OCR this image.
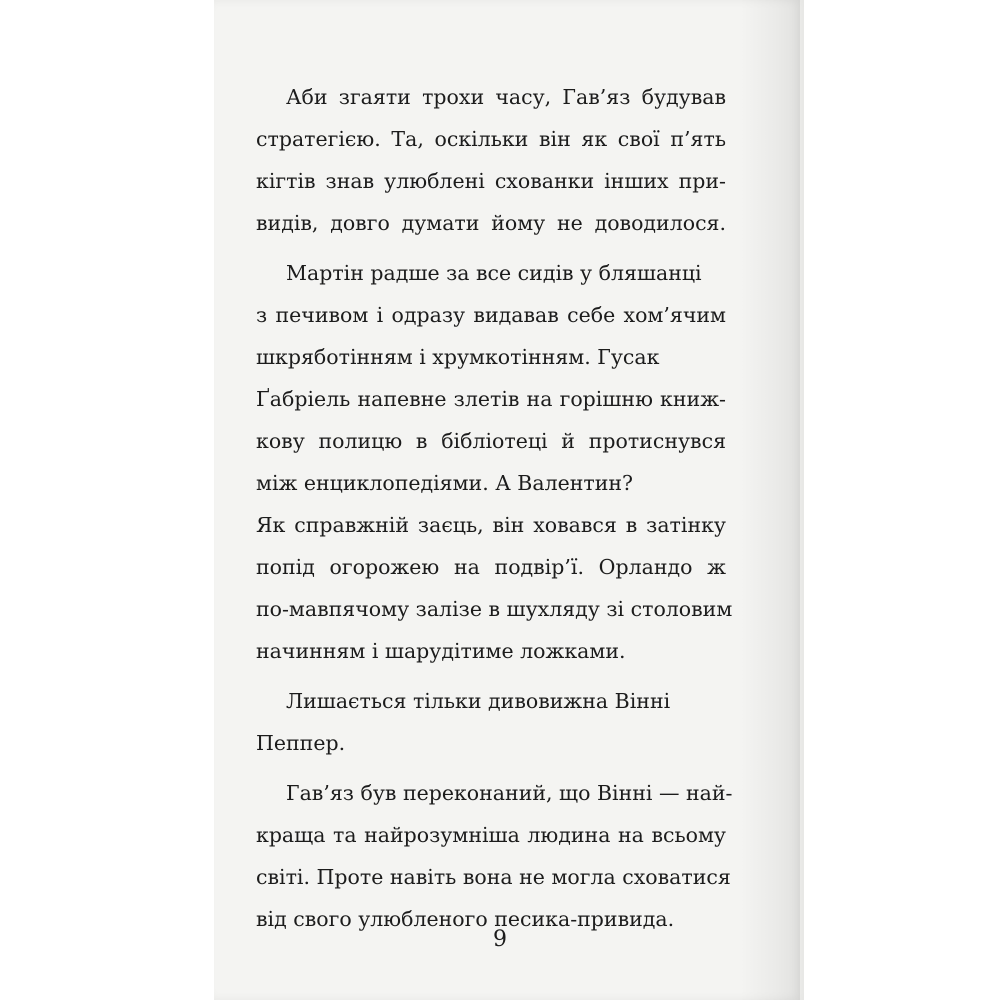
Аби згаяти трохи часу, Гав’яз будував
стратегією. Та, оскільки він як свої п’ять
кігтів знав улюблені схованки інших при-
видів, довго думати йому не доводилося.
Мартін радше за все сидів у бляшанці
з печивом і одразу видавав себе хом’ячим
шкряботінням і хрумкотінням. Гусак
Ґабріель напевне злетів на горішню книж-
кову полицю в бібліотеці й протиснувся
між енциклопедіями. А Валентин?
Як справжній заєць, він ховався в затінку
попід огорожею на подвір’ї. Орландо ж
по-мавпячому залізе в шухляду зі столовим
начинням і шарудітиме ложками.
Лишається тільки дивовижна Вінні
Пеппер.
Гав’яз був переконаний, що Вінні — най-
краща та найрозумніша людина на всьому
світі. Проте навіть вона не могла сховатися
від свого улюбленого песика-привида.
9
